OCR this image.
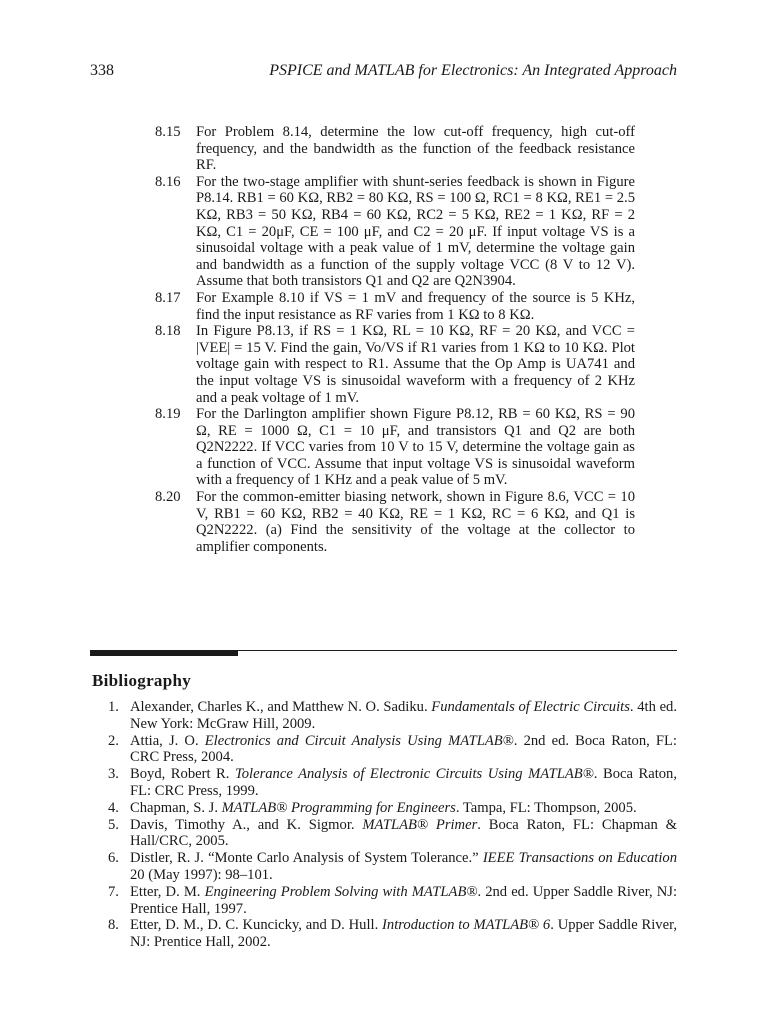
338	PSPICE and MATLAB for Electronics: An Integrated Approach
8.15 For Problem 8.14, determine the low cut-off frequency, high cut-off frequency, and the bandwidth as the function of the feedback resistance RF.
8.16 For the two-stage amplifier with shunt-series feedback is shown in Figure P8.14. RB1 = 60 KΩ, RB2 = 80 KΩ, RS = 100 Ω, RC1 = 8 KΩ, RE1 = 2.5 KΩ, RB3 = 50 KΩ, RB4 = 60 KΩ, RC2 = 5 KΩ, RE2 = 1 KΩ, RF = 2 KΩ, C1 = 20μF, CE = 100 μF, and C2 = 20 μF. If input voltage VS is a sinusoidal voltage with a peak value of 1 mV, determine the voltage gain and bandwidth as a function of the supply voltage VCC (8 V to 12 V). Assume that both transistors Q1 and Q2 are Q2N3904.
8.17 For Example 8.10 if VS = 1 mV and frequency of the source is 5 KHz, find the input resistance as RF varies from 1 KΩ to 8 KΩ.
8.18 In Figure P8.13, if RS = 1 KΩ, RL = 10 KΩ, RF = 20 KΩ, and VCC = |VEE| = 15 V. Find the gain, Vo/VS if R1 varies from 1 KΩ to 10 KΩ. Plot voltage gain with respect to R1. Assume that the Op Amp is UA741 and the input voltage VS is sinusoidal waveform with a frequency of 2 KHz and a peak voltage of 1 mV.
8.19 For the Darlington amplifier shown Figure P8.12, RB = 60 KΩ, RS = 90 Ω, RE = 1000 Ω, C1 = 10 μF, and transistors Q1 and Q2 are both Q2N2222. If VCC varies from 10 V to 15 V, determine the voltage gain as a function of VCC. Assume that input voltage VS is sinusoidal waveform with a frequency of 1 KHz and a peak value of 5 mV.
8.20 For the common-emitter biasing network, shown in Figure 8.6, VCC = 10 V, RB1 = 60 KΩ, RB2 = 40 KΩ, RE = 1 KΩ, RC = 6 KΩ, and Q1 is Q2N2222. (a) Find the sensitivity of the voltage at the collector to amplifier components.
Bibliography
1. Alexander, Charles K., and Matthew N. O. Sadiku. Fundamentals of Electric Circuits. 4th ed. New York: McGraw Hill, 2009.
2. Attia, J. O. Electronics and Circuit Analysis Using MATLAB®. 2nd ed. Boca Raton, FL: CRC Press, 2004.
3. Boyd, Robert R. Tolerance Analysis of Electronic Circuits Using MATLAB®. Boca Raton, FL: CRC Press, 1999.
4. Chapman, S. J. MATLAB® Programming for Engineers. Tampa, FL: Thompson, 2005.
5. Davis, Timothy A., and K. Sigmor. MATLAB® Primer. Boca Raton, FL: Chapman & Hall/CRC, 2005.
6. Distler, R. J. “Monte Carlo Analysis of System Tolerance.” IEEE Transactions on Education 20 (May 1997): 98–101.
7. Etter, D. M. Engineering Problem Solving with MATLAB®. 2nd ed. Upper Saddle River, NJ: Prentice Hall, 1997.
8. Etter, D. M., D. C. Kuncicky, and D. Hull. Introduction to MATLAB® 6. Upper Saddle River, NJ: Prentice Hall, 2002.
